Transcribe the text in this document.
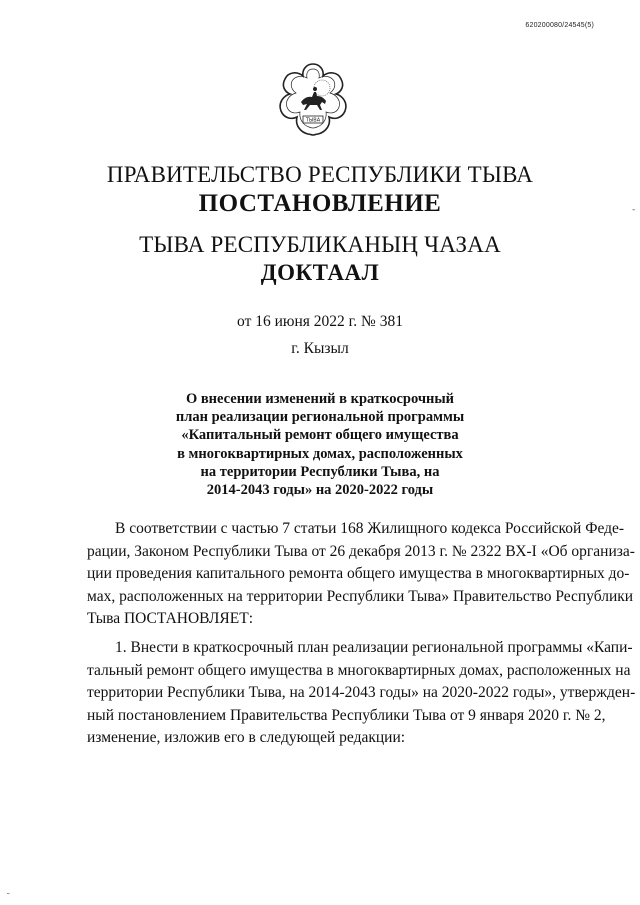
620200080/24545(5)
ТЫВА
ПРАВИТЕЛЬСТВО РЕСПУБЛИКИ ТЫВА
ПОСТАНОВЛЕНИЕ
ТЫВА РЕСПУБЛИКАНЫҢ ЧАЗАА
ДОКТААЛ
от 16 июня 2022 г. № 381
г. Кызыл
О внесении изменений в краткосрочный
план реализации региональной программы
«Капитальный ремонт общего имущества
в многоквартирных домах, расположенных
на территории Республики Тыва, на
2014-2043 годы» на 2020-2022 годы
В соответствии с частью 7 статьи 168 Жилищного кодекса Российской Феде-
рации, Законом Республики Тыва от 26 декабря 2013 г. № 2322 ВХ-І «Об организа-
ции проведения капитального ремонта общего имущества в многоквартирных до-
мах, расположенных на территории Республики Тыва» Правительство Республики
Тыва ПОСТАНОВЛЯЕТ:
1. Внести в краткосрочный план реализации региональной программы «Капи-
тальный ремонт общего имущества в многоквартирных домах, расположенных на
территории Республики Тыва, на 2014-2043 годы» на 2020-2022 годы», утвержден-
ный постановлением Правительства Республики Тыва от 9 января 2020 г. № 2,
изменение, изложив его в следующей редакции:
-
˘
